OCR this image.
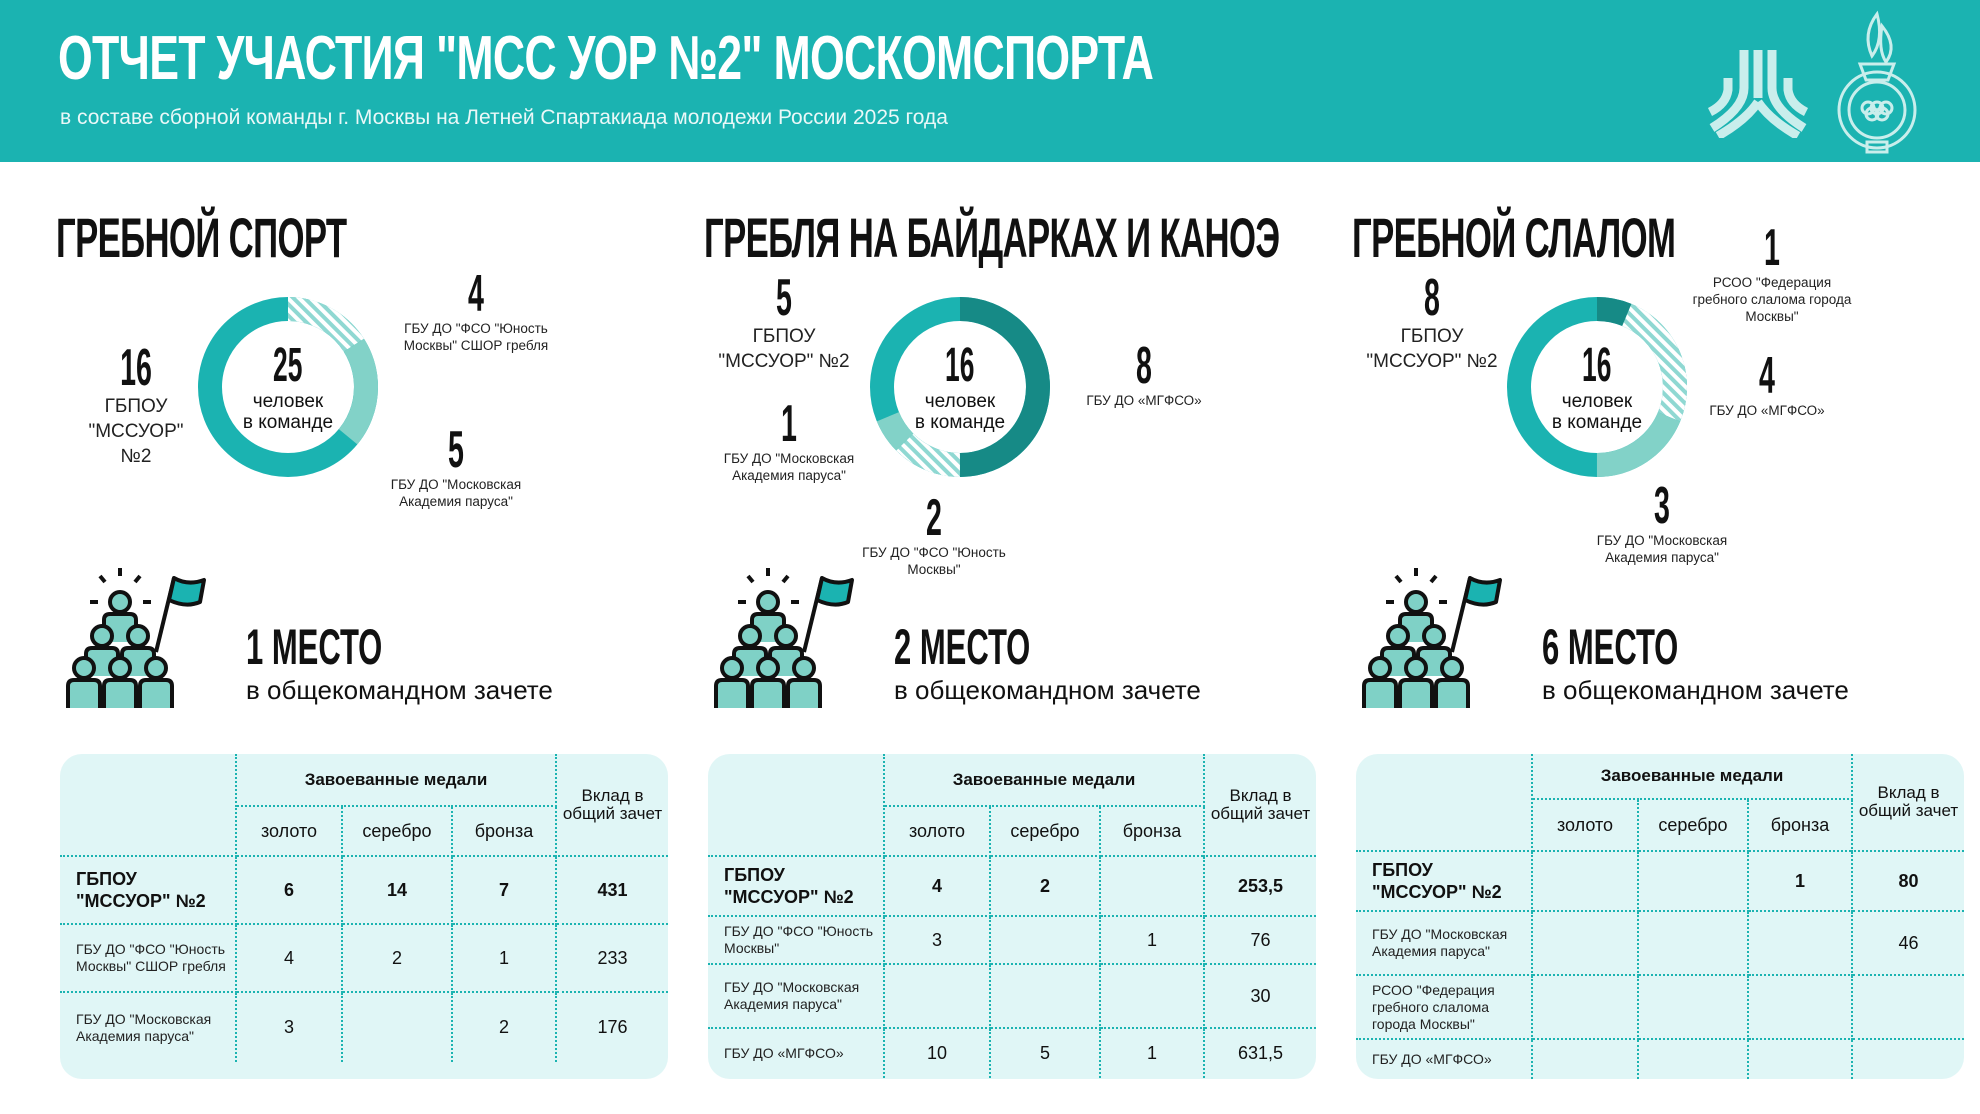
ОТЧЕТ УЧАСТИЯ "МСС УОР №2" МОСКОМСПОРТА
в составе сборной команды г. Москвы на Летней Спартакиада молодежи России 2025 года
ГРЕБНОЙ СПОРТ
25
человек
в команде
16
ГБПОУ "МССУОР" №2
4
ГБУ ДО "ФСО "Юность Москвы" СШОР гребля
5
ГБУ ДО "Московская Академия паруса"
1 МЕСТО
в общекомандном зачете
	Завоеванные медали			Вклад в общий зачет
	золото	серебро	бронза	
ГБПОУ "МССУОР" №2	6	14	7	431
ГБУ ДО "ФСО "Юность Москвы" СШОР гребля	4	2	1	233
ГБУ ДО "Московская Академия паруса"	3		2	176
ГРЕБЛЯ НА БАЙДАРКАХ И КАНОЭ
16
человек
в команде
5
ГБПОУ "МССУОР" №2
1
ГБУ ДО "Московская Академия паруса"
2
ГБУ ДО "ФСО "Юность Москвы"
8
ГБУ ДО «МГФСО»
2 МЕСТО
в общекомандном зачете
	Завоеванные медали			Вклад в общий зачет
	золото	серебро	бронза	
ГБПОУ "МССУОР" №2	4	2		253,5
ГБУ ДО "ФСО "Юность Москвы"	3		1	76
ГБУ ДО "Московская Академия паруса"				30
ГБУ ДО «МГФСО»	10	5	1	631,5
ГРЕБНОЙ СЛАЛОМ
16
человек
в команде
8
ГБПОУ "МССУОР" №2
1
РСОО "Федерация гребного слалома города Москвы"
4
ГБУ ДО «МГФСО»
3
ГБУ ДО "Московская Академия паруса"
6 МЕСТО
в общекомандном зачете
	Завоеванные медали			Вклад в общий зачет
	золото	серебро	бронза	
ГБПОУ "МССУОР" №2			1	80
ГБУ ДО "Московская Академия паруса"				46
РСОО "Федерация гребного слалома города Москвы"				
ГБУ ДО «МГФСО»				
